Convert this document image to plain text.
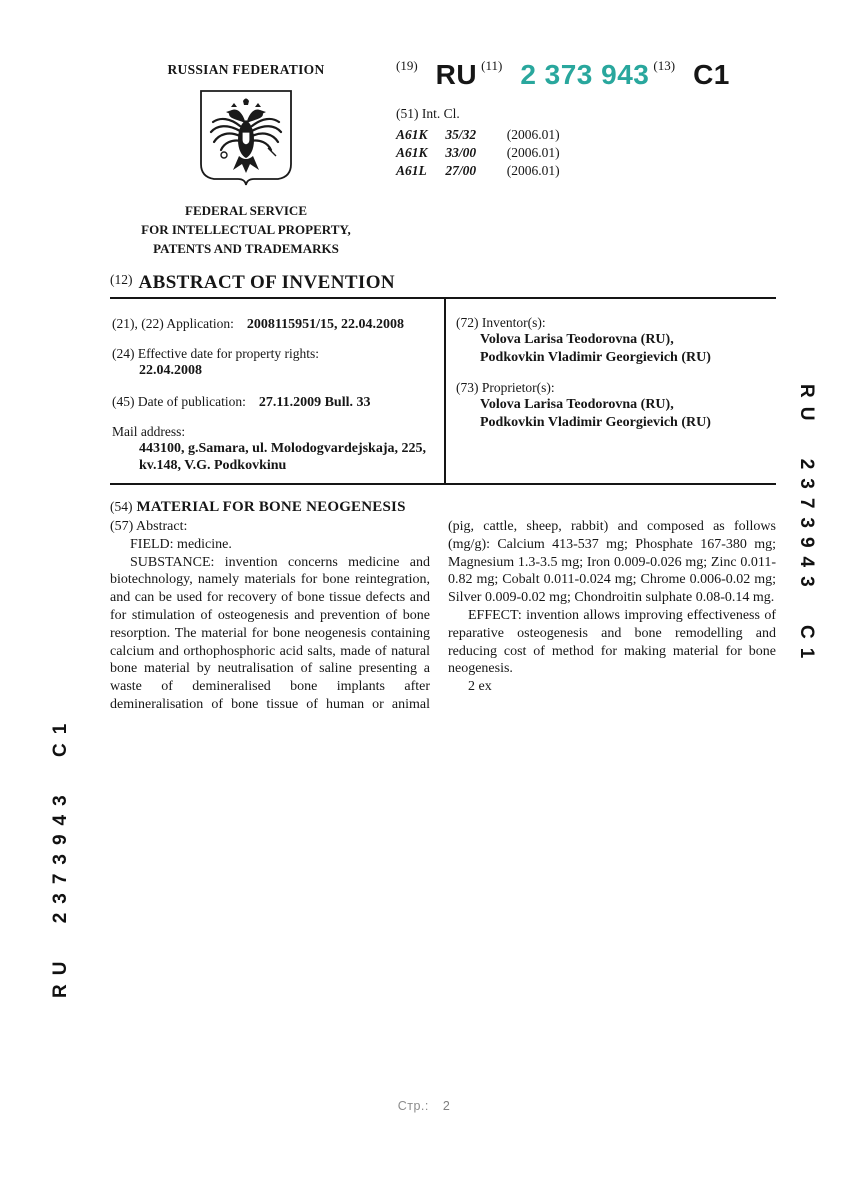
RUSSIAN FEDERATION
FEDERAL SERVICE
FOR INTELLECTUAL PROPERTY,
PATENTS AND TRADEMARKS
$^{(19)}$ RU $^{(11)}$ 2 373 943 $^{(13)}$ C1
(51) Int. Cl.
A61K 35/32 (2006.01)
A61K 33/00 (2006.01)
A61L 27/00 (2006.01)
$^{(12)}$ ABSTRACT OF INVENTION
(21), (22) Application: 2008115951/15, 22.04.2008
(24) Effective date for property rights:
22.04.2008
(45) Date of publication: 27.11.2009 Bull. 33
Mail address:
443100, g.Samara, ul. Molodogvardejskaja, 225,
kv.148, V.G. Podkovkinu
(72) Inventor(s):
Volova Larisa Teodorovna (RU),
Podkovkin Vladimir Georgievich (RU)
(73) Proprietor(s):
Volova Larisa Teodorovna (RU),
Podkovkin Vladimir Georgievich (RU)
(54) MATERIAL FOR BONE NEOGENESIS
(57) Abstract:
FIELD: medicine.
SUBSTANCE: invention concerns medicine and biotechnology, namely materials for bone reintegration, and can be used for recovery of bone tissue defects and for stimulation of osteogenesis and prevention of bone resorption. The material for bone neogenesis containing calcium and orthophosphoric acid salts, made of natural bone material by neutralisation of saline presenting a waste of demineralised bone implants after demineralisation of bone tissue of human or animal
(pig, cattle, sheep, rabbit) and composed as follows (mg/g): Calcium 413-537 mg; Phosphate 167-380 mg; Magnesium 1.3-3.5 mg; Iron 0.009-0.026 mg; Zinc 0.011-0.82 mg; Cobalt 0.011-0.024 mg; Chrome 0.006-0.02 mg; Silver 0.009-0.02 mg; Chondroitin sulphate 0.08-0.14 mg.
EFFECT: invention allows improving effectiveness of reparative osteogenesis and bone remodelling and reducing cost of method for making material for bone neogenesis.
2 ex
RU 2373943 C1
RU 2373943 C1
Стр.: 2
